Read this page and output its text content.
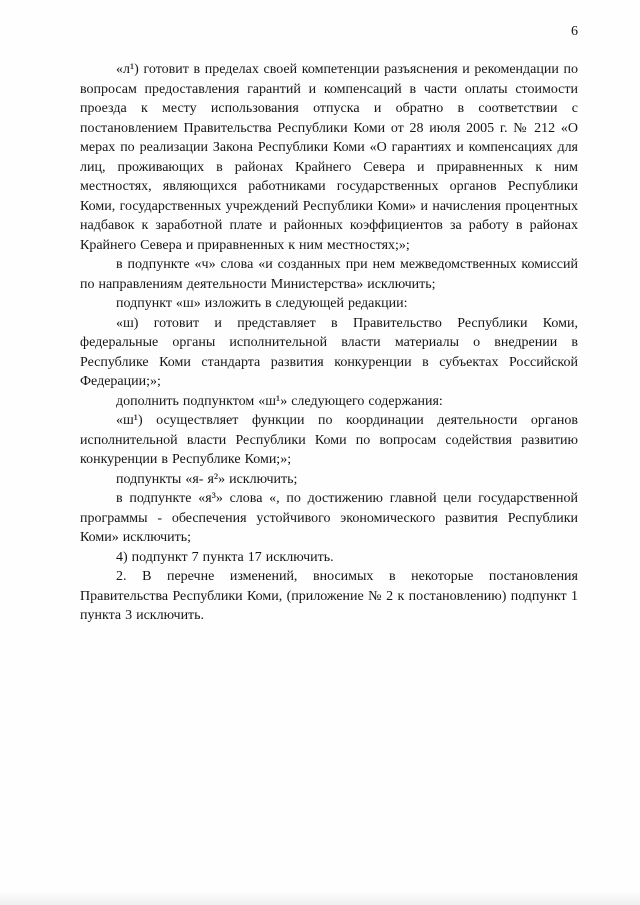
6

«л¹) готовит в пределах своей компетенции разъяснения и рекомендации по вопросам предоставления гарантий и компенсаций в части оплаты стоимости проезда к месту использования отпуска и обратно в соответствии с постановлением Правительства Республики Коми от 28 июля 2005 г. № 212 «О мерах по реализации Закона Республики Коми «О гарантиях и компенсациях для лиц, проживающих в районах Крайнего Севера и приравненных к ним местностях, являющихся работниками государственных органов Республики Коми, государственных учреждений Республики Коми» и начисления процентных надбавок к заработной плате и районных коэффициентов за работу в районах Крайнего Севера и приравненных к ним местностях;»;

в подпункте «ч» слова «и созданных при нем межведомственных комиссий по направлениям деятельности Министерства» исключить;

подпункт «ш» изложить в следующей редакции:

«ш) готовит и представляет в Правительство Республики Коми, федеральные органы исполнительной власти материалы о внедрении в Республике Коми стандарта развития конкуренции в субъектах Российской Федерации;»;

дополнить подпунктом «ш¹» следующего содержания:

«ш¹) осуществляет функции по координации деятельности органов исполнительной власти Республики Коми по вопросам содействия развитию конкуренции в Республике Коми;»;

подпункты «я- я²» исключить;

в подпункте «я³» слова «, по достижению главной цели государственной программы - обеспечения устойчивого экономического развития Республики Коми» исключить;

4) подпункт 7 пункта 17 исключить.

2. В перечне изменений, вносимых в некоторые постановления Правительства Республики Коми, (приложение № 2 к постановлению) подпункт 1 пункта 3 исключить.
